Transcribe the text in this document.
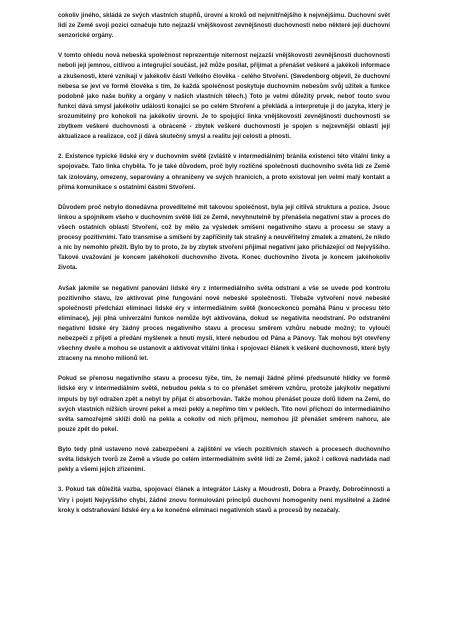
cokoliv jiného, skládá ze svých vlastních stupňů, úrovní a kroků od nejvnitřnějšího k nejvnějšímu. Duchovní svět lidí ze Země svojí pozicí označuje tuto nejzazší vnějškovost zevnějšnosti duchovnosti nebo některé její duchovní senzorické orgány.

V tomto ohledu nová nebeská společnost reprezentuje niternost nejzazší vnějškovosti zevnějšnosti duchovnosti neboli její jemnou, citlivou a integrující součást, jež může posílat, přijímat a přenášet veškeré a jakékoli informace a zkušenosti, které vznikají v jakékoliv části Velkého člověka - celého Stvoření. (Swedenborg objevil, že duchovní nebesa se jeví ve formě člověka s tím, že každá společnost poskytuje duchovním nebesům svůj užitek a funkce podobně jako naše buňky a orgány v našich vlastních tělech.) Toto je velmi důležitý prvek, neboť touto svou funkcí dává smysl jakékoliv události konající se po celém Stvoření a překládá a interpretuje ji do jazyka, který je srozumitelný pro kohokoli na jakékoliv úrovni. Je to spojující linka vnějškovosti zevnějšnosti duchovnosti se zbytkem veškeré duchovnosti a obráceně - zbytek veškeré duchovnosti je spojen s nejzevnější oblastí její aktualizace a realizace, což jí dává skutečný smysl a realitu její celosti a plnosti.

2. Existence typické lidské éry v duchovním světě (zvláště v intermediálním) bránila existenci této vitální linky a spojovače. Tato linka chyběla. To je také důvodem, proč byly rozličné společnosti duchovního světa lidí ze Země tak izolovány, omezeny, separovány a ohraničeny ve svých hranicích, a proto existoval jen velmi malý kontakt a přímá komunikace s ostatními částmi Stvoření.

Důvodem proč nebylo donedávna proveditelné mít takovou společnost, byla její citlivá struktura a pozice. Jsouc linkou a spojníkem všeho v duchovním světě lidí ze Země, nevyhnutelně by přenášela negativní stav a proces do všech ostatních oblastí Stvoření, což by mělo za výsledek smíšení negativního stavu a procesu se stavy a procesy pozitivními. Tato transmise a smíšení by zapříčinily tak strašný a neuvěřitelný zmatek a zmatení, že nikdo a nic by nemohlo přežít. Bylo by to proto, že by zbytek stvoření přijímal negativní jako přicházející od Nejvyššího. Takové uvažování je koncem jakéhokoli duchovního života. Konec duchovního života je koncem jakéhokoliv života.

Avšak jakmile se negativní panování lidské éry z intermediálního světa odstraní a vše se uvede pod kontrolu pozitivního stavu, lze aktivovat plné fungování nové nebeské společnosti. Třebaže vytvoření nové nebeské společnosti předchází eliminaci lidské éry v intermediálním světě (konceckoncù pomáhá Pánu v procesu této eliminace), její plná univerzální funkce nemůže být aktivována, dokud se negativita neodstraní. Po odstranění negativní lidské éry žádný proces negativního stavu a procesu směrem vzhůru nebude možný; to vyloučí nebezpečí z přijetí a předání myšlenek a hnutí mysli, které nebudou od Pána a Pánovy. Tak mohou být otevřeny všechny dveře a mohou se ustanovit a aktivovat vitální linka i spojovací článek k veškeré duchovnosti, které byly ztraceny na mnoho milionů let.

Pokud se přenosu negativního stavu a procesu týče, tím, že nemají žádné přímé předsunuté hlídky ve formě lidské éry v intermediálním světě, nebudou pekla s to co přenášet směrem vzhůru, protože jakýkoliv negativní impuls by byl odražen zpět a nebyl by přijat či absorbován. Takže mohou přenášet pouze dolů lidem na Zemi, do svých vlastních nižších úrovní pekel a mezi pekly a nepřímo tím v peklech. Tito noví příchozí do intermediálního světa samozřejmě sklíží dolů na pekla a cokoliv od nich přijmou, nemohou již přenášet směrem nahoru, ale pouze zpět do pekel.

Bylo tedy plně ustaveno nové zabezpečení a zajištění ve všech pozitivních stavech a procesech duchovního světa lidských tvorů ze Země a všude po celém intermediálním světě lidí ze Země, jakož i celková nadvláda nad pekly a všemi jejich zřízeními.

3. Pokud tak důležitá vazba, spojovací článek a integrátor Lásky a Moudrosti, Dobra a Pravdy, Dobročinnosti a Víry i pojetí Nejvyššího chybí, žádné znovu formulování principů duchovní homogenity není myslitelné a žádné kroky k odstraňování lidské éry a ke konečné eliminaci negativních stavů a procesů by nezačaly.
